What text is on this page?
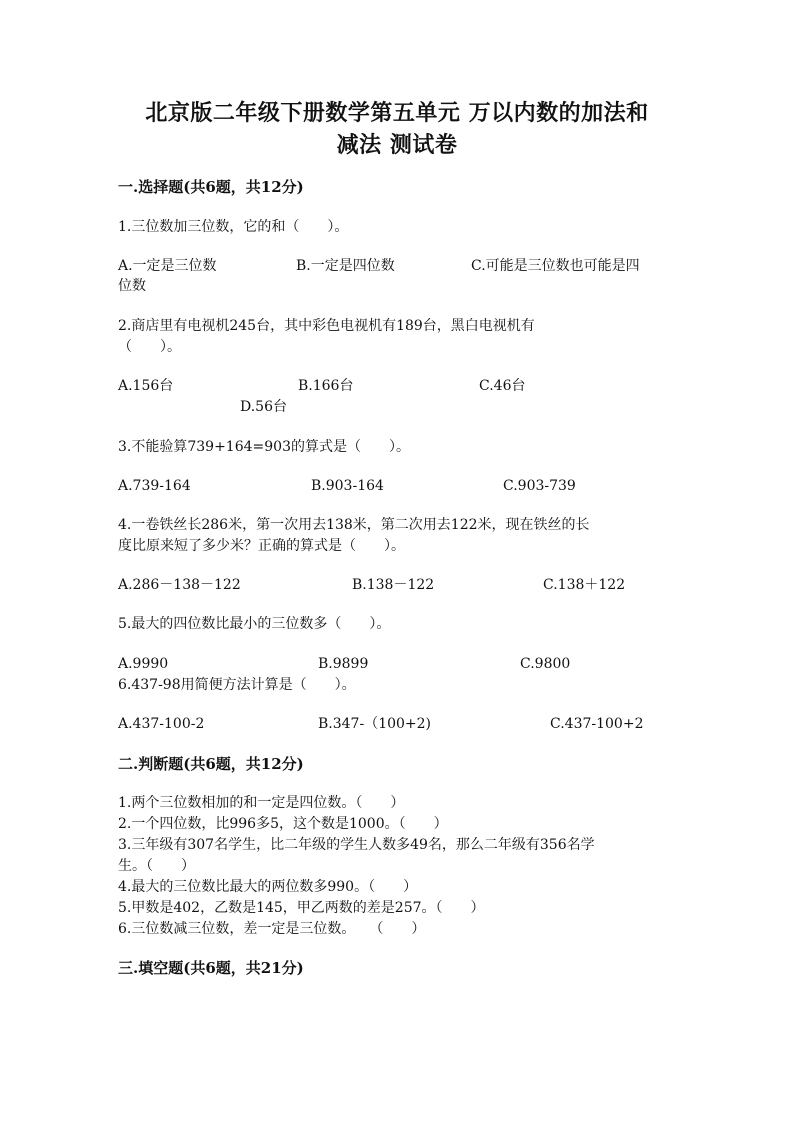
北京版二年级下册数学第五单元 万以内数的加法和
减法 测试卷
一.选择题(共6题，共12分)
1.三位数加三位数，它的和（　　）。
A.一定是三位数	B.一定是四位数	C.可能是三位数也可能是四
位数
2.商店里有电视机245台，其中彩色电视机有189台，黑白电视机有
（　　）。
A.156台	B.166台	C.46台
D.56台
3.不能验算739+164=903的算式是（　　）。
A.739-164	B.903-164	C.903-739
4.一卷铁丝长286米，第一次用去138米，第二次用去122米，现在铁丝的长
度比原来短了多少米？正确的算式是（　　）。
A.286－138－122	B.138－122	C.138＋122
5.最大的四位数比最小的三位数多（　　）。
A.9990	B.9899	C.9800
6.437-98用简便方法计算是（　　）。
A.437-100-2	B.347-（100+2)	C.437-100+2
二.判断题(共6题，共12分)
1.两个三位数相加的和一定是四位数。（　　）
2.一个四位数，比996多5，这个数是1000。（　　）
3.三年级有307名学生，比二年级的学生人数多49名，那么二年级有356名学
生。（　　）
4.最大的三位数比最大的两位数多990。（　　）
5.甲数是402，乙数是145，甲乙两数的差是257。（　　）
6.三位数减三位数，差一定是三位数。　　（　　）
三.填空题(共6题，共21分)
